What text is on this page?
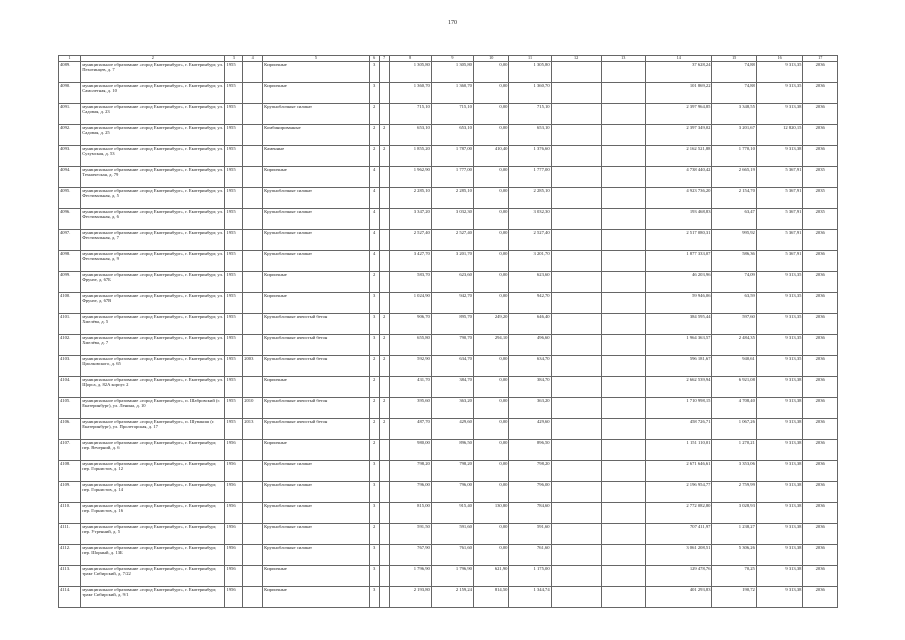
170
1	2	3	4	5	6	7	8	9	10	11	12	13	14	15	16	17
4089.	муниципальное образование «город Екатеринбург», г. Екатеринбург, ул. Пехотинцев, д. 7	1955		Кирпичные	3		1 305,80	1 305,80	0,00	1 305,80			37 628,24	74,88	9 313,35	2036
4090.	муниципальное образование «город Екатеринбург», г. Екатеринбург, ул. Самолетная, д. 10	1955		Кирпичные	3		1 360,70	1 360,70	0,00	1 360,70			101 869,22	74,88	9 313,35	2036
4091.	муниципальное образование «город Екатеринбург», г. Екатеринбург, ул. Садовая, д. 23	1955		Крупноблочные силикат	2		715,10	715,10	0,00	715,10			2 397 964,85	3 348,55	9 313,38	2036
4092.	муниципальное образование «город Екатеринбург», г. Екатеринбург, ул. Садовая, д. 25	1955		Комбинированные	2	2	653,10	653,10	0,00	653,10			2 397 349,02	3 201,67	12 820,15	2036
4093.	муниципальное образование «город Екатеринбург», г. Екатеринбург, ул. Сухумская, д. 53	1955		Каменные	2	2	1 855,20	1 787,00	410,40	1 376,60			2 162 521,88	1 770,10	9 313,38	2036
4094.	муниципальное образование «город Екатеринбург», г. Екатеринбург, ул. Техническая, д. 79	1955		Кирпичные	4		1 962,90	1 777,00	0,00	1 777,00			4 738 440,42	2 665,19	5 367,91	2035
4095.	муниципальное образование «город Екатеринбург», г. Екатеринбург, ул. Фестивальная, д. 5	1955		Крупноблочные силикат	4		2 285,10	2 285,10	0,00	2 285,10			4 923 736,20	2 154,70	5 367,91	2035
4096.	муниципальное образование «город Екатеринбург», г. Екатеринбург, ул. Фестивальная, д. 6	1955		Крупноблочные силикат	4		3 347,20	3 032,30	0,00	3 032,30			193 468,83	63,47	5 367,91	2035
4097.	муниципальное образование «город Екатеринбург», г. Екатеринбург, ул. Фестивальная, д. 7	1955		Крупноблочные силикат	4		2 527,40	2 527,40	0,00	2 527,40			2 517 080,31	995,92	5 367,91	2036
4098.	муниципальное образование «город Екатеринбург», г. Екатеринбург, ул. Фестивальная, д. 9	1955		Крупноблочные силикат	4		3 427,70	3 201,70	0,00	3 201,70			1 877 333,07	586,36	5 367,91	2036
4099.	муниципальное образование «город Екатеринбург», г. Екатеринбург, ул. Фрунзе, д. 67Б	1955		Кирпичные	2		583,70	623,60	0,00	623,60			46 203,96	74,09	9 313,35	2036
4100.	муниципальное образование «город Екатеринбург», г. Екатеринбург, ул. Фрунзе, д. 67В	1955		Кирпичные	3		1 024,90	942,70	0,00	942,70			59 946,06	63,59	9 313,35	2036
4101.	муниципальное образование «город Екатеринбург», г. Екатеринбург, ул. Хмелёва, д. 5	1955		Крупноблочные ячеистый бетон	3	2	906,70	895,70	249,20	646,40			384 595,44	597,60	9 313,35	2036
4102.	муниципальное образование «город Екатеринбург», г. Екатеринбург, ул. Хмелёва, д. 7	1955		Крупноблочные ячеистый бетон	3	2	655,80	790,70	294,10	496,60			1 964 363,57	2 484,35	9 313,35	2036
4103.	муниципальное образование «город Екатеринбург», г. Екатеринбург, ул. Циолковского, д. 65	1955	2003	Крупноблочные ячеистый бетон	2	2	592,90	634,70	0,00	634,70			596 181,67	940,61	9 313,35	2036
4104.	муниципальное образование «город Екатеринбург», г. Екатеринбург, ул. Щорса, д. 82А корпус 2	1955		Кирпичные	2		431,70	384,70	0,00	384,70			2 662 539,94	6 921,08	9 313,38	2036
4105.	муниципальное образование «город Екатеринбург», п. Шабровский (г. Екатеринбург), ул. Ленина, д. 10	1955	2010	Крупноблочные ячеистый бетон	2	2	395,60	363,20	0,00	363,20			1 710 998,15	4 708,40	9 313,38	2036
4106.	муниципальное образование «город Екатеринбург», п. Шувакиш (г. Екатеринбург), ул. Пролетарская, д. 17	1955	2013	Крупноблочные ячеистый бетон	2	2	487,70	429,60	0,00	429,60			458 726,71	1 067,26	9 313,38	2036
4107.	муниципальное образование «город Екатеринбург», г. Екатеринбург, пер. Вечерний, д. 6	1956		Кирпичные	2		980,00	896,50	0,00	896,50			1 151 110,01	1 270,21	9 313,38	2036
4108.	муниципальное образование «город Екатеринбург», г. Екатеринбург, пер. Горнистов, д. 12	1956		Крупноблочные силикат	3		798,20	798,20	0,00	798,20			2 671 646,61	3 353,06	9 313,38	2036
4109.	муниципальное образование «город Екатеринбург», г. Екатеринбург, пер. Горнистов, д. 14	1956		Крупноблочные силикат	3		796,00	796,00	0,00	796,00			2 196 954,77	2 759,99	9 313,38	2036
4110.	муниципальное образование «город Екатеринбург», г. Екатеринбург, пер. Горнистов, д. 16	1956		Крупноблочные силикат	3		815,00	915,40	130,80	784,60			2 772 082,80	3 028,93	9 313,38	2036
4111.	муниципальное образование «город Екатеринбург», г. Екатеринбург, пер. Утренний, д. 5	1956		Крупноблочные силикат	2		591,50	591,60	0,00	591,60			707 411,97	1 238,27	9 313,38	2036
4112.	муниципальное образование «город Екатеринбург», г. Екатеринбург, пер. Шорный, д. 13Б	1956		Крупноблочные силикат	3		767,90	761,60	0,00	761,60			3 061 208,51	5 306,26	9 313,38	2036
4113.	муниципальное образование «город Екатеринбург», г. Екатеринбург, тракт Сибирский, д. 7/22	1956		Кирпичные	3		1 796,90	1 796,90	621,90	1 175,00			129 478,76	70,25	9 313,38	2036
4114.	муниципальное образование «город Екатеринбург», г. Екатеринбург, тракт Сибирский, д. 9/1	1956		Кирпичные	3		2 193,80	2 159,24	814,50	1 344,74			401 293,83	190,72	9 313,38	2036
